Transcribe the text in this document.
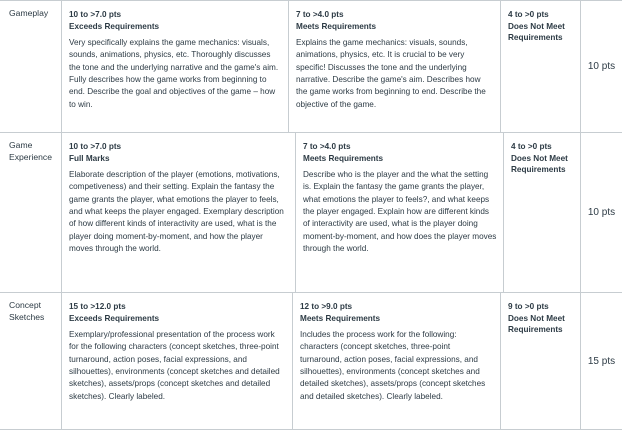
Gameplay	10 to >7.0 pts
Exceeds Requirements
Very specifically explains the game mechanics: visuals, sounds, animations, physics, etc. Thoroughly discusses the tone and the underlying narrative and the game's aim. Fully describes how the game works from beginning to end. Describe the goal and objectives of the game – how to win.
7 to >4.0 pts
Meets Requirements
Explains the game mechanics: visuals, sounds, animations, physics, etc. It is crucial to be very specific! Discusses the tone and the underlying narrative. Describe the game's aim. Describes how the game works from beginning to end. Describe the objective of the game.
4 to >0 pts
Does Not Meet Requirements
10 pts
Game Experience
10 to >7.0 pts
Full Marks
Elaborate description of the player (emotions, motivations, competiveness) and their setting. Explain the fantasy the game grants the player, what emotions the player to feels, and what keeps the player engaged. Exemplary description of how different kinds of interactivity are used, what is the player doing moment-by-moment, and how the player moves through the world.
7 to >4.0 pts
Meets Requirements
Describe who is the player and the what the setting is. Explain the fantasy the game grants the player, what emotions the player to feels?, and what keeps the player engaged. Explain how are different kinds of interactivity are used, what is the player doing moment-by-moment, and how does the player moves through the world.
4 to >0 pts
Does Not Meet Requirements
10 pts
Concept Sketches
15 to >12.0 pts
Exceeds Requirements
Exemplary/professional presentation of the process work for the following characters (concept sketches, three-point turnaround, action poses, facial expressions, and silhouettes), environments (concept sketches and detailed sketches), assets/props (concept sketches and detailed sketches). Clearly labeled.
12 to >9.0 pts
Meets Requirements
Includes the process work for the following: characters (concept sketches, three-point turnaround, action poses, facial expressions, and silhouettes), environments (concept sketches and detailed sketches), assets/props (concept sketches and detailed sketches). Clearly labeled.
9 to >0 pts
Does Not Meet Requirements
15 pts
